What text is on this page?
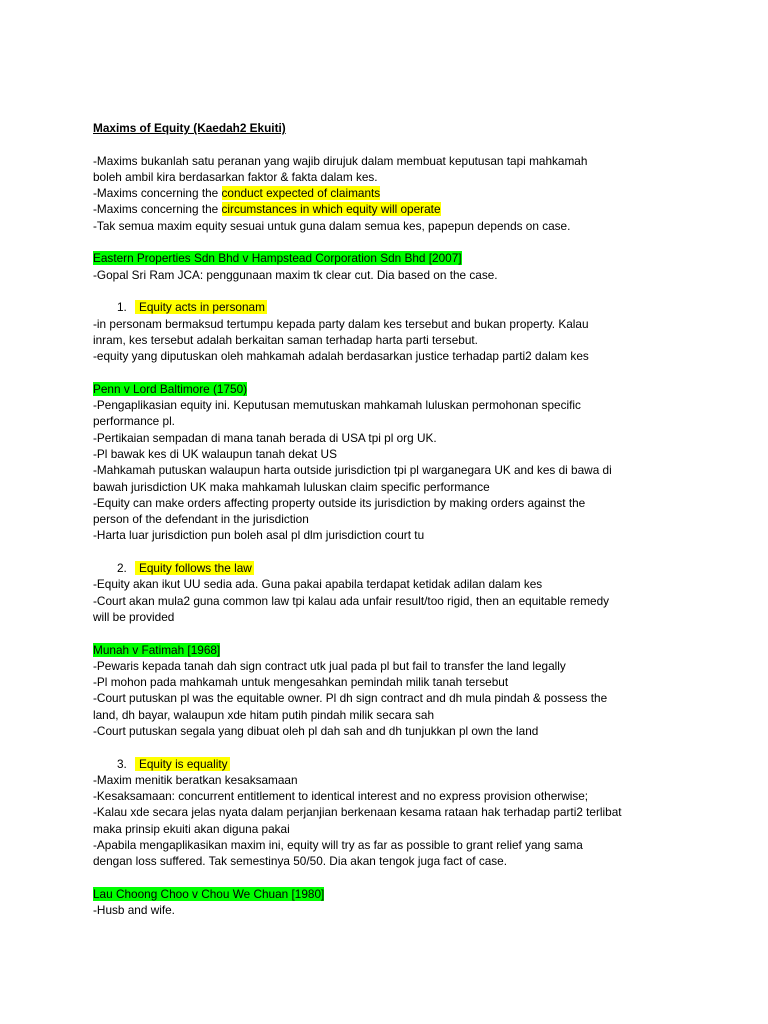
Maxims of Equity (Kaedah2 Ekuiti)
-Maxims bukanlah satu peranan yang wajib dirujuk dalam membuat keputusan tapi mahkamah
boleh ambil kira berdasarkan faktor & fakta dalam kes.
-Maxims concerning the conduct expected of claimants
-Maxims concerning the circumstances in which equity will operate
-Tak semua maxim equity sesuai untuk guna dalam semua kes, papepun depends on case.
Eastern Properties Sdn Bhd v Hampstead Corporation Sdn Bhd [2007]
-Gopal Sri Ram JCA: penggunaan maxim tk clear cut. Dia based on the case.
1. Equity acts in personam
-in personam bermaksud tertumpu kepada party dalam kes tersebut and bukan property. Kalau
inram, kes tersebut adalah berkaitan saman terhadap harta parti tersebut.
-equity yang diputuskan oleh mahkamah adalah berdasarkan justice terhadap parti2 dalam kes
Penn v Lord Baltimore (1750)
-Pengaplikasian equity ini. Keputusan memutuskan mahkamah luluskan permohonan specific
performance pl.
-Pertikaian sempadan di mana tanah berada di USA tpi pl org UK.
-Pl bawak kes di UK walaupun tanah dekat US
-Mahkamah putuskan walaupun harta outside jurisdiction tpi pl warganegara UK and kes di bawa di
bawah jurisdiction UK maka mahkamah luluskan claim specific performance
-Equity can make orders affecting property outside its jurisdiction by making orders against the
person of the defendant in the jurisdiction
-Harta luar jurisdiction pun boleh asal pl dlm jurisdiction court tu
2. Equity follows the law
-Equity akan ikut UU sedia ada. Guna pakai apabila terdapat ketidak adilan dalam kes
-Court akan mula2 guna common law tpi kalau ada unfair result/too rigid, then an equitable remedy
will be provided
Munah v Fatimah [1968]
-Pewaris kepada tanah dah sign contract utk jual pada pl but fail to transfer the land legally
-Pl mohon pada mahkamah untuk mengesahkan pemindah milik tanah tersebut
-Court putuskan pl was the equitable owner. Pl dh sign contract and dh mula pindah & possess the
land, dh bayar, walaupun xde hitam putih pindah milik secara sah
-Court putuskan segala yang dibuat oleh pl dah sah and dh tunjukkan pl own the land
3. Equity is equality
-Maxim menitik beratkan kesaksamaan
-Kesaksamaan: concurrent entitlement to identical interest and no express provision otherwise;
-Kalau xde secara jelas nyata dalam perjanjian berkenaan kesama rataan hak terhadap parti2 terlibat
maka prinsip ekuiti akan diguna pakai
-Apabila mengaplikasikan maxim ini, equity will try as far as possible to grant relief yang sama
dengan loss suffered. Tak semestinya 50/50. Dia akan tengok juga fact of case.
Lau Choong Choo v Chou We Chuan [1980]
-Husb and wife.
